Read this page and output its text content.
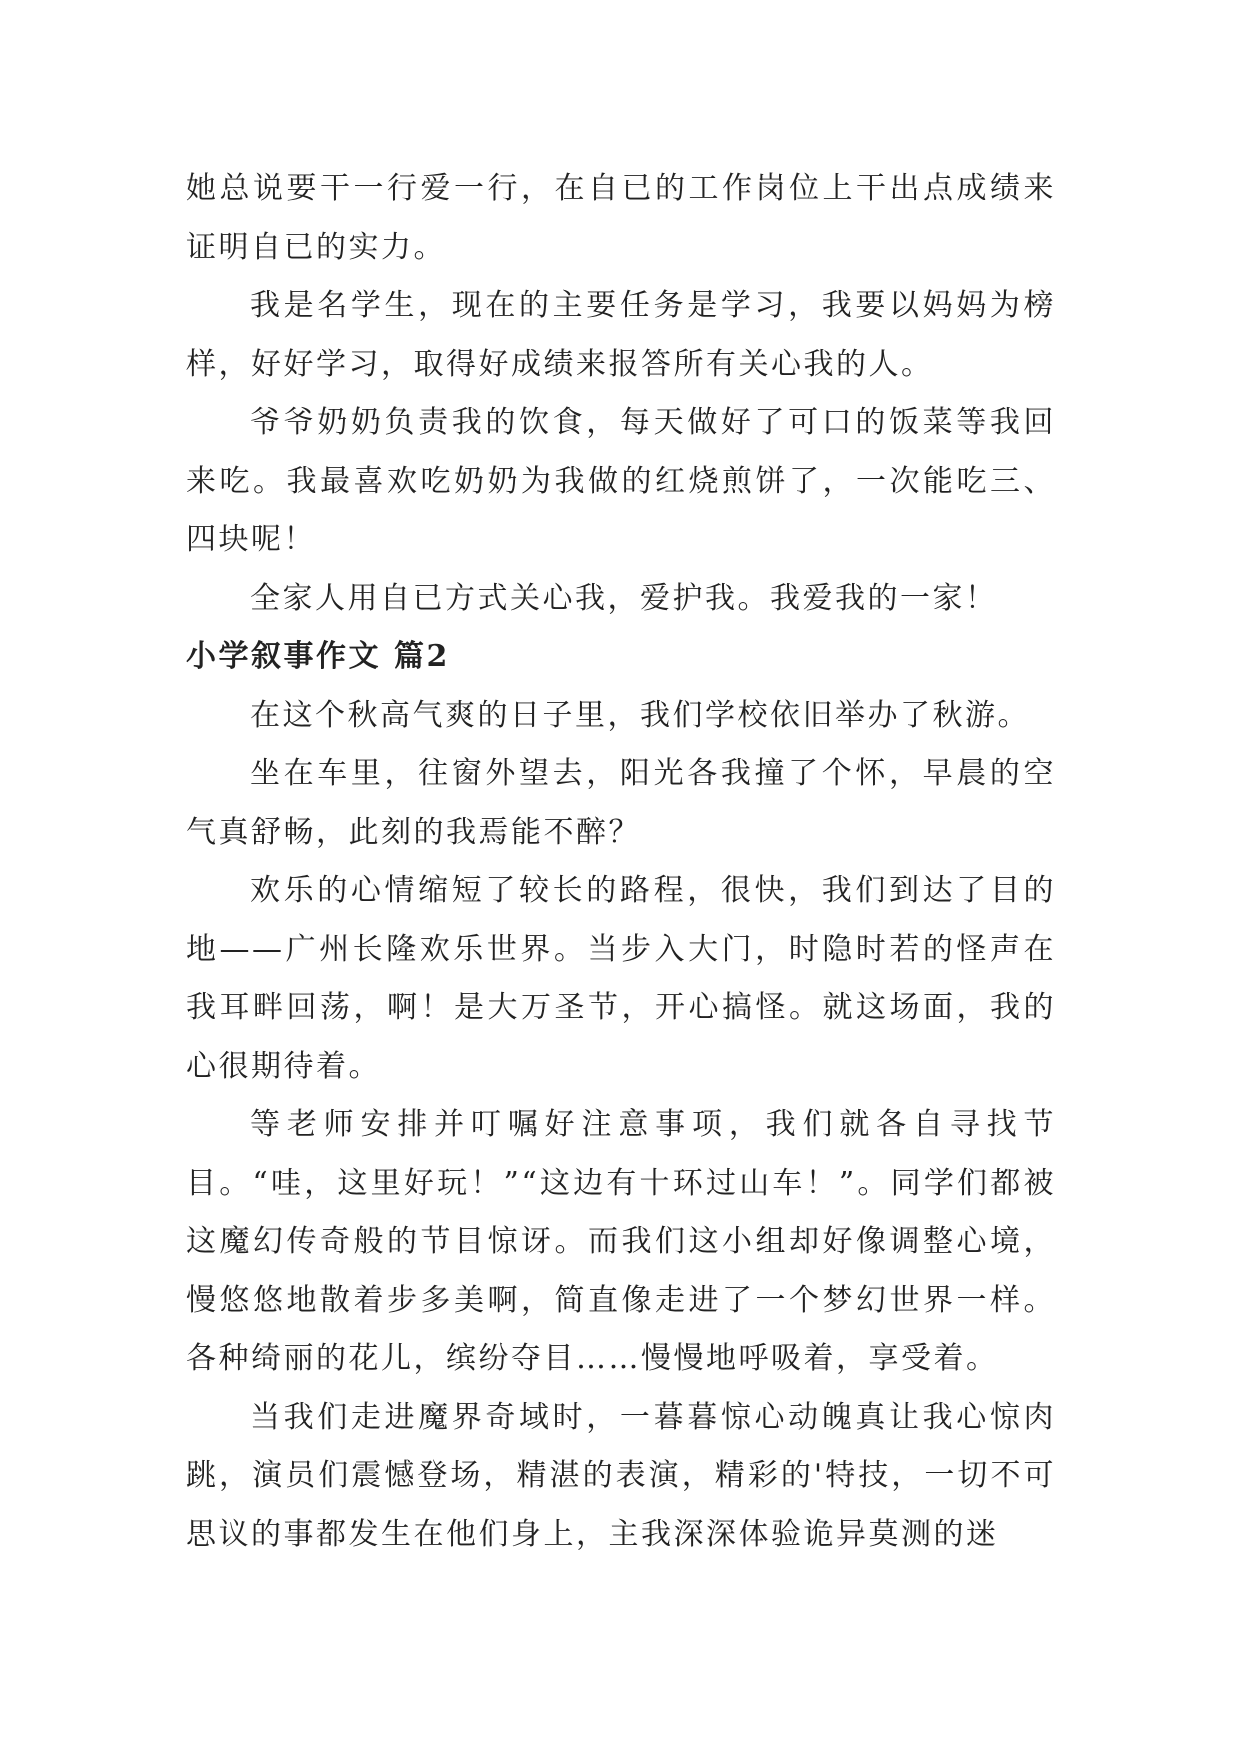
她总说要干一行爱一行，在自已的工作岗位上干出点成绩来证明自已的实力。

我是名学生，现在的主要任务是学习，我要以妈妈为榜样，好好学习，取得好成绩来报答所有关心我的人。

爷爷奶奶负责我的饮食，每天做好了可口的饭菜等我回来吃。我最喜欢吃奶奶为我做的红烧煎饼了，一次能吃三、四块呢！

全家人用自已方式关心我，爱护我。我爱我的一家！

小学叙事作文 篇2

在这个秋高气爽的日子里，我们学校依旧举办了秋游。

坐在车里，往窗外望去，阳光各我撞了个怀，早晨的空气真舒畅，此刻的我焉能不醉？

欢乐的心情缩短了较长的路程，很快，我们到达了目的地——广州长隆欢乐世界。当步入大门，时隐时若的怪声在我耳畔回荡，啊！是大万圣节，开心搞怪。就这场面，我的心很期待着。

等老师安排并叮嘱好注意事项，我们就各自寻找节目。“哇，这里好玩！”“这边有十环过山车！”。同学们都被这魔幻传奇般的节目惊讶。而我们这小组却好像调整心境，慢悠悠地散着步多美啊，简直像走进了一个梦幻世界一样。各种绮丽的花儿，缤纷夺目……慢慢地呼吸着，享受着。

当我们走进魔界奇域时，一暮暮惊心动魄真让我心惊肉跳，演员们震憾登场，精湛的表演，精彩的'特技，一切不可思议的事都发生在他们身上，主我深深体验诡异莫测的迷
